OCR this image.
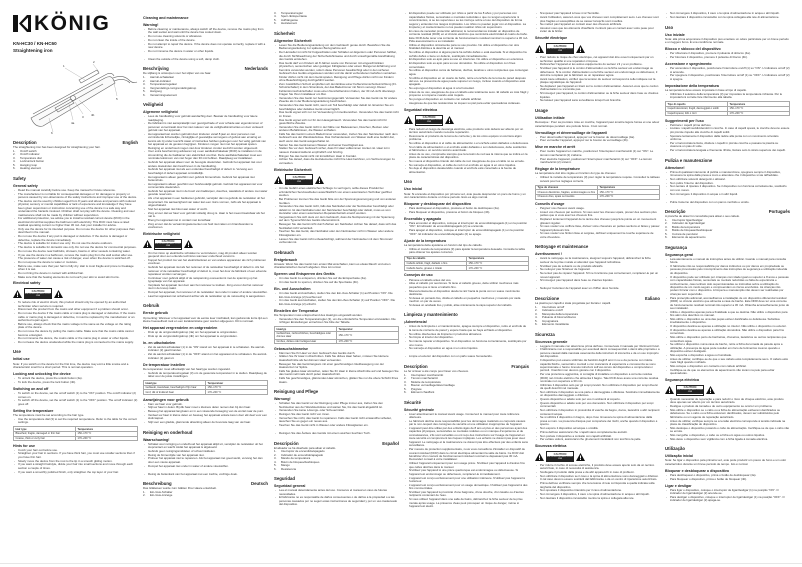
KÖNIG
KN-HC30 / KN-HC60
Straightening iron
1
2
3
4a
4b
5
6
Description	English
The straightening iron has been designed for straightening your hair.
1.	On/off switch
2.	On/off indicator
3.	Temperature dial
4.	Lock/unlock button
5.	Hanging loop
6.	Heating element
Safety
General safety
- Read the manual carefully before use. Keep the manual for future reference.
- The manufacturer is not liable for consequential damages or for damages to property or persons caused by non-observance of the safety instructions and improper use of the device.
- The device can be used by children aged from 8 years and above and persons with reduced physical, sensory or mental capabilities or lack of experience and knowledge if they have been given supervision or instruction concerning use of the device in a safe way and understand the hazards involved. Children shall not play with the device. Cleaning and user maintenance shall not be made by children without supervision.
- For additional protection, we advise you to install a residual current device (RCD) in the electrical circuit that supplies the bathroom with electricity. This RCD must have a rated residual operating current no higher than 30 mA. Ask your installer for advice.
- Only use the device for its intended purpose. Do not use the device for other purposes than described in the manual.
- Do not use the device if any part is damaged or defective. If the device is damaged or defective, replace the device immediately.
- The device is suitable for indoor use only. Do not use the device outdoors.
- The device is suitable for domestic use only. Do not use the device for commercial purposes.
- Do not use the device near bathtubs, showers, basins or other vessels containing water.
- If you use the device in a bathroom, remove the mains plug from the wall socket after use. The presence of water can cause a risk of danger, even when the device is switched off.
- Do not expose the device to water or moisture.
- Before use, make sure that your hair is fully dry. Hair is most fragile and prone to breakage when it is wet.
- Do not bring the device in contact with artificial hair.
- Make sure that the heating elements do not touch your skin to avoid skin burns.
Electrical safety
CAUTION
RISK OF ELECTRIC SHOCK DO NOT OPEN
- To reduce risk of electric shock, this product should only be opened by an authorized technician when service is required.
- Disconnect the product from the mains and other equipment if a problem should occur.
- Do not use the device if the mains cable or mains plug is damaged or defective. If the mains cable or mains plug is damaged or defective, it must be replaced by the manufacturer or an authorized repair agent.
- Before use, always check that the mains voltage is the same as the voltage on the rating plate of the device.
- Do not move the device by pulling the mains cable. Make sure that the mains cable cannot become entangled.
- Do not immerse the device, the mains cable or the mains plug in water or other liquids.
- Do not leave the device unattended while the mains plug is connected to the mains supply.
Use
Initial use
Note: If you switch on the device for the first time, the device may emit a little smoke and a characteristic smell for a short period. This is normal operation.
Locking and unlocking the device
- To unlock the device, press the unlock button (4a).
- To lock the device, press the lock button (4b).
Switching on and off
- To switch on the device, set the on/off switch (1) to the "ON" position. The on/off indicator (2) comes on.
- To switch off the device, set the on/off switch (1) to the "OFF" position. The on/off indicator (2) goes off.
Setting the temperature
The temperature must be set according to the hair type.
- Use the temperature dial (3) to set the required temperature. Refer to the table for the correct settings.
Hair type	Temperature
Bleached, fragile, damaged or thin hair	150–170 °C
Coarse, thick or curly hair	170–200 °C
Hints for use
- Comb your hair out before use.
- Straighten your hair in sections. If you have thick hair, you must use smaller sections than if you have thin hair.
- Slowly move the device from the root to the tip in a smooth gliding motion.
- If you want a straight hairstyle, divide your hair into small sections and move through each section a couple of times.
- If you want a smoothly polished finish, only straighten the top layer of your hair.
Cleaning and maintenance
Warning!
- Before cleaning or maintenance, always switch off the device, remove the mains plug from the wall socket and wait until the device has cooled down.
- Do not use cleaning solvents or abrasives.
- Do not clean the inside of the device.
- Do not attempt to repair the device. If the device does not operate correctly, replace it with a new device.
- Do not immerse the device in water or other liquids.
- Clean the outside of the device using a soft, damp cloth.
Beschrijving	Nederlands
De stijltang is ontworpen voor het stijlen van uw haar.
1.	Aan/uit-schakelaar
2.	Aan/uit-indicator
3.	Temperatuurregelaar
4.	Vergrendelings-/ontgrendelingsknop
5.	Hangoog
6.	Verwarmingselement
Veiligheid
Algemene veiligheid
- Lees de handleiding voor gebruik aandachtig door. Bewaar de handleiding voor latere raadpleging.
- De fabrikant is niet aansprakelijk voor gevolgschade of voor schade aan eigendommen of personen veroorzaakt door het niet naleven van de veiligheidsinstructies en door verkeerd gebruik van het apparaat.
- Het apparaat kan worden gebruikt door kinderen vanaf 8 jaar en door personen met verminderde lichamelijke, zintuiglijke of geestelijke vermogens of gebrek aan ervaring en kennis als zij onder toezicht staan of instructies hebben gekregen over het veilig gebruik van het apparaat en de gevaren begrijpen. Kinderen mogen niet met het apparaat spelen. Reiniging en onderhoud mogen niet door kinderen zonder toezicht worden uitgevoerd.
- Voor extra bescherming adviseren wij u een aardlekschakelaar (RCD) te installeren in de stroomkring die de badkamer van elektriciteit voorziet. Deze aardlekschakelaar moet een nominale lekstroom van niet hoger dan 30 mA hebben. Raadpleeg uw installateur.
- Gebruik het apparaat alleen voor de beoogde doeleinden. Gebruik het apparaat niet voor andere doeleinden dan beschreven in de handleiding.
- Gebruik het apparaat niet als een onderdeel beschadigd of defect is. Vervang een beschadigd of defect apparaat onmiddellijk.
- Het apparaat is alleen geschikt voor gebruik binnenshuis. Gebruik het apparaat niet buitenshuis.
- Het apparaat is alleen geschikt voor huishoudelijk gebruik. Gebruik het apparaat niet voor commerciële doeleinden.
- Gebruik het apparaat niet in de buurt van badkuipen, douches, wastafels of andere met water gevulde reservoirs.
- Als u het apparaat in een badkamer gebruikt, verwijder dan na gebruik de netstekker uit het stopcontact. De aanwezigheid van water kan een risico vormen, zelfs als het apparaat is uitgeschakeld.
- Stel het apparaat niet bloot aan water of vocht.
- Zorg ervoor dat uw haar voor gebruik volledig droog is. Haar is het meest kwetsbaar als het nat is.
- Breng het apparaat niet in contact met kunsthaar.
- Zorg ervoor dat de verwarmingselementen uw huid niet raken om brandwonden te voorkomen.
Elektrische veiligheid
CAUTION
RISK OF ELECTRIC SHOCK DO NOT OPEN
- Om het risico op elektrische schokken te verminderen, mag dit product alleen worden geopend door een erkende technicus wanneer onderhoud vereist is.
- Koppel het product los van het elektriciteitsnet en van andere apparatuur als zich problemen voordoen.
- Gebruik het apparaat niet als het netsnoer of de netstekker beschadigd of defect is. Als het netsnoer of de netstekker beschadigd of defect is, moet het door de fabrikant of een erkende reparateur worden vervangen.
- Controleer voor gebruik altijd of de netspanning overeenkomt met de spanning op het typeplaatje van het apparaat.
- Verplaats het apparaat niet door aan het netsnoer te trekken. Zorg ervoor dat het netsnoer niet in de knoop raakt.
- Dompel het apparaat, het netsnoer of de netstekker niet onder in water of andere vloeistoffen.
- Laat het apparaat niet onbeheerd achter als de netstekker op de netvoeding is aangesloten.
Gebruik
Eerste gebruik
Opmerking: Wanneer u het apparaat voor de eerste keer inschakelt, kan gedurende korte tijd een kleine hoeveelheid rook en een karakteristieke geur worden afgegeven. Dit is normaal.
Het apparaat vergrendelen en ontgrendelen
- Druk op de ontgrendelingsknop (4a) om het apparaat te ontgrendelen.
- Druk op de vergrendelingsknop (4b) om het apparaat te vergrendelen.
In- en uitschakelen
- Zet de aan/uit-schakelaar (1) in de "ON"-stand om het apparaat in te schakelen. De aan/uit-indicator (2) gaat branden.
- Zet de aan/uit-schakelaar (1) in de "OFF"-stand om het apparaat uit te schakelen. De aan/uit-indicator (2) gaat uit.
De temperatuur instellen
De temperatuur moet afhankelijk van het haartype worden ingesteld.
- Gebruik de temperatuurregelaar (3) om de gewenste temperatuur in te stellen. Raadpleeg de tabel voor de juiste instellingen.
Haartype	Temperatuur
Gebleekt, kwetsbaar, beschadigd of fijn haar	150–170 °C
Grof, dik of krullend haar	170–200 °C
Aanwijzingen voor gebruik
- Kam uw haar voor gebruik.
- Stijl uw haar in delen. Bij dik haar moet u kleinere delen nemen dan bij dun haar.
- Beweeg het apparaat langzaam en in een vloeiende beweging van de wortel naar de punt.
- Verdeel uw haar in kleine delen en beweeg het apparaat enkele keren door elk deel voor een sluik kapsel.
- Stijl voor een gladde, glanzende afwerking alleen de bovenste laag van uw haar.
Reiniging en onderhoud
Waarschuwing!
- Schakel voor reiniging en onderhoud het apparaat altijd uit, verwijder de netstekker uit het stopcontact en wacht totdat het apparaat is afgekoeld.
- Gebruik geen reinigingsmiddelen of schuurmiddelen.
- Reinig de binnenzijde van het apparaat niet.
- Probeer het apparaat niet te repareren. Als het apparaat niet goed werkt, vervang het dan door een nieuw apparaat.
- Dompel het apparaat niet onder in water of andere vloeistoffen.
- Reinig de buitenkant van het apparaat met een zachte, vochtige doek.
Beschreibung	Deutsch
Das Glätteisen wurde zum Glätten Ihrer Haare entwickelt.
1.	Ein-/Aus-Schalter
2.	Ein-/Aus-Anzeige
3.	Temperaturregler
4.	Sperr-/Entsperrtaste
5.	Aufhängeöse
6.	Heizelement
Sicherheit
Allgemeine Sicherheit
- Lesen Sie die Bedienungsanleitung vor dem Gebrauch genau durch. Bewahren Sie die Bedienungsanleitung zur späteren Bezugnahme auf.
- Der Hersteller ist nicht für Folgeschäden oder Schäden an Eigentum oder Personen haftbar, die durch Nichtbeachtung der Sicherheitshinweise und durch unsachgemäße Handhabung des Geräts entstehen.
- Das Gerät darf von Kindern ab 8 Jahren sowie von Personen mit eingeschränkten physischen, sensorischen oder geistigen Fähigkeiten oder einem Mangel an Erfahrung und Kenntnis verwendet werden, sofern diese Personen beaufsichtigt oder in den sicheren Gebrauch des Geräts eingewiesen wurden und die damit verbundenen Gefahren verstehen. Kinder dürfen nicht mit dem Gerät spielen. Reinigung und Pflege dürfen nicht von Kindern ohne Beaufsichtigung durchgeführt werden.
- Zum zusätzlichen Schutz empfehlen wir den Einbau einer Fehlerstromschutzeinrichtung (FI-Schutzschalter) in dem Stromkreis, der das Badezimmer mit Strom versorgt. Dieser Fehlerstromschutzschalter muss einen Nennfehlerstrom haben, der 30 mA nicht übersteigt. Fragen Sie Ihren Installateur um Rat.
- Verwenden Sie das Gerät nur bestimmungsgemäß. Verwenden Sie das Gerät nie für andere Zwecke als in der Bedienungsanleitung beschrieben.
- Verwenden Sie das Gerät nicht, wenn ein Teil beschädigt oder defekt ist. Ersetzen Sie ein beschädigtes oder defektes Gerät unverzüglich.
- Das Gerät eignet sich nur zur Verwendung in Innenbereichen. Verwenden Sie das Gerät nicht im Freien.
- Das Gerät eignet sich nur für den Hausgebrauch. Verwenden Sie das Gerät nicht für gewerbliche Zwecke.
- Verwenden Sie das Gerät nicht in der Nähe von Badewannen, Duschen, Becken oder anderen Behältnissen, die Wasser enthalten.
- Falls Sie das Gerät in einem Badezimmer verwenden, ziehen Sie den Netzstecker nach dem Gebrauch aus der Wandsteckdose. Das Vorhandensein von Wasser stellt eine Gefahr dar, auch wenn das Gerät ausgeschaltet ist.
- Setzen Sie das Gerät keinem Wasser und keiner Feuchtigkeit aus.
- Stellen Sie vor dem Gebrauch sicher, dass Ihr Haar vollkommen trocken ist. Haar ist in nassem Zustand äußerst empfindlich und brüchig.
- Bringen Sie das Gerät nicht mit künstlichem Haar in Kontakt.
- Achten Sie darauf, dass die Heizelemente nicht Ihre Haut berühren, um Verbrennungen zu vermeiden.
Elektrische Sicherheit
CAUTION
RISK OF ELECTRIC SHOCK DO NOT OPEN
- Um die Gefahr eines elektrischen Schlags zu verringern, sollte dieses Produkt bei erforderlichen Servicearbeiten ausschließlich von einem autorisierten Techniker geöffnet werden.
- Bei Problemen trennen Sie das Gerät bitte von der Spannungsversorgung und von anderen Geräten.
- Verwenden Sie das Gerät nicht, falls das Netzkabel oder der Netzstecker beschädigt oder defekt ist. Ist das Netzkabel oder der Netzstecker beschädigt oder defekt, muss es vom Hersteller oder einem autorisierten Reparaturbetrieb ersetzt werden.
- Vergewissern Sie sich stets vor dem Gebrauch, dass die Netzspannung mit der Spannung auf dem Typenschild des Geräts übereinstimmt.
- Bewegen Sie das Gerät nicht durch Ziehen am Netzkabel. Achten Sie darauf, dass sich das Netzkabel nicht verwickelt.
- Tauchen Sie das Gerät, das Netzkabel oder den Netzstecker nicht in Wasser oder andere Flüssigkeiten ein.
- Lassen Sie das Gerät nicht unbeaufsichtigt, während der Netzstecker mit dem Stromnetz verbunden ist.
Gebrauch
Erstgebrauch
Hinweis: Wenn Sie das Gerät zum ersten Mal einschalten, kann es etwas Rauch und einen charakteristischen Geruch abgeben. Dies ist normal.
Sperren und Entsperren des Geräts
- Um das Gerät zu entsperren, drücken Sie auf die Entsperrtaste (4a).
- Um das Gerät zu sperren, drücken Sie auf die Sperrtaste (4b).
Ein- und Ausschalten
- Um das Gerät einzuschalten, stellen Sie den Ein-/Aus-Schalter (1) auf Position "ON". Die Ein-/Aus-Anzeige (2) leuchtet auf.
- Um das Gerät auszuschalten, stellen Sie den Ein-/Aus-Schalter (1) auf Position "OFF". Die Ein-/Aus-Anzeige (2) erlischt.
Einstellen der Temperatur
Die Temperatur muss entsprechend des Haartyps eingestellt werden.
- Verwenden Sie den Temperaturregler (3), um die erforderliche Temperatur einzustellen. Die richtigen Einstellungen entnehmen Sie bitte der Tabelle.
Haartyp	Temperatur
Gebleichtes, zerbrechliches, beschädigtes oder dünnes Haar	150–170 °C
Grobes, dickes oder lockiges Haar	170–200 °C
Gebrauchshinweise
- Kämmen Sie Ihr Haar vor dem Gebrauch des Geräts durch.
- Glätten Sie Ihr Haar in Abschnitten. Falls Sie dickes Haar haben, müssen Sie kleinere Haarabschnitte als bei dünnem Haar verwenden.
- Bewegen Sie das Gerät langsam mit einer geschmeidigen Gleitbewegung von der Haarwurzel zur Spitze.
- Falls Sie glattes Haar wünschen, teilen Sie Ihr Haar in kleine Abschnitte auf und bewegen Sie das Gerät mehrmals durch jeden Haarabschnitt.
- Falls Sie geschmeidiges, glänzendes Haar wünschen, glätten Sie nur die obere Schicht Ihres Haars.
Reinigung und Pflege
Warnung!
- Schalten Sie das Gerät vor der Reinigung oder Pflege immer aus, ziehen Sie den Netzstecker aus der Wandsteckdose und warten Sie, bis das Gerät abgekühlt ist.
- Verwenden Sie keine Lösungs- oder Scheuermittel.
- Reinigen Sie das Gerät nicht von innen.
- Versuchen Sie nicht, das Gerät zu reparieren. Falls das Gerät nicht einwandfrei arbeitet, tauschen Sie es gegen ein neues aus.
- Tauchen Sie das Gerät nicht in Wasser oder andere Flüssigkeiten ein.
- Reinigen Sie das Äußere des Geräts mit einem weichen feuchten Tuch.
Descripción	Español
El alisador se ha diseñado para alisar el cabello.
1.	Interruptor de encendido/apagado
2.	Indicador de encendido/apagado
3.	Mando de temperatura
4.	Botón de bloqueo/desbloqueo
5.	Mango
6.	Resistencia
Seguridad
Seguridad general
- Lea el manual detenidamente antes del uso. Conserve el manual en caso de futuras necesidades.
- El fabricante no es responsable de daños consecuentes o de daños a la propiedad o a las personas causados por no seguir estas instrucciones de seguridad y por un uso inadecuado del dispositivo.
- El dispositivo puede ser utilizado por niños a partir de los 8 años y por personas con capacidades físicas, sensoriales o mentales reducidas o que no tengan experiencia ni conocimientos, si se les supervisa o se les instruye sobre el uso del dispositivo de forma segura y entienden los riesgos implicados. Los niños no pueden jugar con el dispositivo. La limpieza y el mantenimiento no los pueden realizar niños sin supervisión.
- En caso de necesitar protección adicional, le recomendamos instalar un dispositivo de corriente residual (DCR) en el circuito eléctrico que suministra electricidad al cuarto de baño. Este DCR debe tener una corriente de funcionamiento residual nominal no superior a 30 mA. Pida asesoramiento a su instalador.
- Utilice el dispositivo únicamente para su uso previsto. No utilice el dispositivo con otra finalidad distinta a la descrita en el manual.
- No utilice el dispositivo si alguna pieza ha sufrido daños o está averiada. Si el dispositivo ha sufrido daños o tiene un defecto, sustitúyalo inmediatamente.
- El dispositivo solo es apto para su uso en interiores. No utilice el dispositivo en exteriores.
- El dispositivo solo es apto para su uso doméstico. No utilice el dispositivo con fines comerciales.
- No utilice el dispositivo cerca de bañeras, duchas, lavabos u otros recipientes que contengan agua.
- Si utiliza el dispositivo en un cuarto de baño, retire el enchufe de la toma de pared después del uso. La presencia de agua puede suponer un riesgo, incluso cuando el dispositivo está apagado.
- No exponga el dispositivo al agua ni a la humedad.
- Antes de su uso, asegúrese de que el cabello esté totalmente seco. El cabello es más frágil y propenso a romperse cuando está mojado.
- No ponga el dispositivo en contacto con cabello artificial.
- Asegúrese de que las resistencias no toquen su piel para evitar quemaduras cutáneas.
Seguridad eléctrica
CAUTION
RISK OF ELECTRIC SHOCK DO NOT OPEN
- Para reducir el riesgo de descarga eléctrica, este producto sólo deberá ser abierto por un técnico autorizado cuando necesite reparación.
- Desconecte el producto de la toma de corriente y de los otros equipos si ocurriera algún problema.
- No utilice el dispositivo si el cable de alimentación o el enchufe están dañados o defectuosos. Si el cable de alimentación o el enchufe están dañados o son defectuosos, debe sustituirlos el fabricante o un servicio técnico autorizado.
- Antes de su uso, compruebe siempre que la tensión de red sea la misma que se indica en la placa de características del dispositivo.
- No mueva el dispositivo tirando del cable de red. Asegúrese de que el cable no se enrede.
- No sumerja el dispositivo, el cable de red ni el enchufe en agua ni en otros líquidos.
- No deje el dispositivo desatendido cuando el enchufe esté conectado a la fuente de alimentación.
Uso
Uso inicial
Nota: Si enciende el dispositivo por primera vez, éste puede desprender un poco de humo y un olor característico durante un breve periodo. Esto es algo normal.
Bloquear y desbloquear del dispositivo
- Para desbloquear el dispositivo, presione el botón de desbloqueo (4a).
- Para bloquear el dispositivo, presione el botón de bloqueo (4b).
Encendido y apagado
- Para encender el dispositivo, coloque el interruptor de encendido/apagado (1) en la posición "ON". El indicador de encendido/apagado (2) se enciende.
- Para apagar el dispositivo, coloque el interruptor de encendido/apagado (1) en la posición "OFF". El indicador de encendido/apagado (2) se apaga.
Ajuste de la temperatura
La temperatura debe ajustarse en función del tipo de cabello.
- Utilice el mando de temperatura (3) para ajustar la temperatura deseada. Consulte la tabla para obtener los ajustes correctos.
Tipo de cabello	Temperatura
Cabello teñido, frágil, dañado o fino	150–170 °C
Cabello fuerte, grueso o rizado	170–200 °C
Consejos de uso
- Péinese el cabello antes del uso.
- Alise el cabello por secciones. Si tiene el cabello grueso, debe utilizar mechones más pequeños que si tiene el cabello fino.
- Mueva lentamente el dispositivo desde la raíz hacia la punta con un suave movimiento deslizante.
- Si desea un peinado liso, divida el cabello en pequeños mechones y muévalo por cada mechón un par de veces.
- Si desea un acabado liso y pulido, alise únicamente la capa superior del cabello.
Limpieza y mantenimiento
¡Advertencia!
- Antes de la limpieza o el mantenimiento, apague siempre el dispositivo, retire el enchufe de la toma de corriente de pared y espere hasta que se haya enfriado el dispositivo.
- No utilice disolventes de limpieza ni productos abrasivos.
- No limpie el interior del dispositivo.
- No intente reparar el dispositivo. Si el dispositivo no funciona correctamente, sustitúyalo por uno nuevo.
- No sumerja el dispositivo en agua ni en otros líquidos.
- Limpie el exterior del dispositivo con un paño suave humedecido.
Description	Français
Le fer à lisser a été conçu pour lisser vos cheveux.
1.	Interrupteur marche/arrêt
2.	Témoin marche/arrêt
3.	Molette de température
4.	Bouton verrouillage/déverrouillage
5.	Poignée
6.	Élément chauffant
Sécurité
Sécurité générale
- Lisez attentivement le manuel avant usage. Conservez le manuel pour toute référence ultérieure.
- Le fabricant décline toute responsabilité pour les dommages matériels ou corporels causés par le non-respect des consignes de sécurité et une utilisation inappropriée de l'appareil.
- L'appareil peut être utilisé par des enfants âgés de 8 ans et plus et des personnes ayant des capacités physiques, sensorielles ou mentales réduites ou un manque d'expérience et de connaissances, s'ils sont surveillés ou ont reçu des instructions sur l'usage de l'appareil en toute sécurité et comprennent les risques impliqués. Les enfants ne doivent pas jouer avec l'appareil. Le nettoyage et la maintenance ne doivent pas être effectués par des enfants sans surveillance.
- Par mesure de protection supplémentaire, nous vous conseillons d'installer un dispositif de courant résiduel (DCR) dans le circuit électrique alimentant la salle de bains. Ce DCR doit bénéficier d'un courant de fonctionnement résiduel nominal ne dépassant pas 30 mA. Demandez conseil à votre installateur.
- Utilisez l'appareil uniquement pour son usage prévu. N'utilisez pas l'appareil à d'autres fins que celles décrites dans le manuel.
- N'utilisez pas l'appareil si une pièce quelconque est endommagée ou défectueuse. Si l'appareil est endommagé ou défectueux, remplacez-le immédiatement.
- L'appareil est conçu exclusivement pour une utilisation intérieure. N'utilisez pas l'appareil à l'extérieur.
- L'appareil est conçu exclusivement pour un usage domestique. N'utilisez pas l'appareil à des fins commerciales.
- N'utilisez pas l'appareil à proximité d'une baignoire, d'une douche, d'un lavabo ou d'autres récipients contenant de l'eau.
- Si vous utilisez l'appareil dans une salle de bains, débranchez la fiche secteur de la prise murale après usage. La présence d'eau peut provoquer un risque de danger, même si l'appareil est éteint.
- N'exposez pas l'appareil à l'eau ni à l'humidité.
- Avant l'utilisation, assurez-vous que vos cheveux sont complètement secs. Les cheveux sont plus fragiles et susceptibles de se casser lorsqu'ils sont mouillés.
- Ne mettez pas l'appareil en contact avec des cheveux artificiels.
- Assurez-vous que les éléments chauffants n'entrent pas en contact avec votre peau pour éviter de la brûler.
Sécurité électrique
CAUTION
RISK OF ELECTRIC SHOCK DO NOT OPEN
- Pour réduire le risque de choc électrique, cet appareil doit être ouvert uniquement par un technicien qualifié si une réparation s'impose.
- Débranchez l'appareil et les autres équipements du secteur s'il y a un problème.
- N'utilisez pas l'appareil si le cordon d'alimentation ou la fiche secteur est endommagé ou défectueux. Si le cordon d'alimentation ou la fiche secteur est endommagé ou défectueux, il doit être remplacé par le fabricant ou un réparateur agréé.
- Avant toute utilisation, vérifiez que la tension du secteur correspond à celle indiquée sur la plaque signalétique de l'appareil.
- Ne déplacez pas l'appareil en tirant sur le cordon d'alimentation. Assurez-vous que le cordon d'alimentation ne s'emmêle pas.
- N'immergez pas l'appareil, le cordon d'alimentation ou la fiche secteur dans l'eau ou d'autres liquides.
- Ne laissez pas l'appareil sans surveillance lorsqu'il est branché.
Usage
Utilisation initiale
Remarque : Pour sa première mise en marche, l'appareil peut émettre légère fumée et une odeur caractéristique pendant une période brève. C'est normal.
Verrouillage et déverrouillage de l'appareil
- Pour déverrouiller l'appareil, appuyez sur le bouton de déverrouillage (4a).
- Pour verrouiller l'appareil, appuyez sur le bouton de verrouillage (4b).
Mise en marche et arrêt
- Pour mettre l'appareil en marche, positionnez l'interrupteur marche/arrêt (1) sur "ON". Le témoin marche/arrêt (2) s'allume.
- Pour éteindre l'appareil, positionnez l'interrupteur marche/arrêt (1) sur "OFF". Le témoin marche/arrêt (2) s'éteint.
Réglage de la température
La température doit être réglée en fonction du type de cheveux.
- Utilisez la molette de température (3) pour régler la température requise. Consultez le tableau suivant pour les réglages corrects.
Type de cheveux	Température
Cheveux décolorés, fragiles, endommagés ou fins	150–170 °C
Cheveux drus, épais ou bouclés	170–200 °C
Conseils d'usage
- Peignez vos cheveux avant usage.
- Lissez vos cheveux par sections. Si vous avez les cheveux épais, prenez des sections plus petites que si vous avez les cheveux fins.
- Déplacez lentement l'appareil de la racine des cheveux jusqu'à la pointe en un mouvement glissant régulier.
- Si vous voulez une coiffure lisse, divisez votre chevelure en petites sections et faites-y passer l'appareil plusieurs fois.
- Si vous voulez une finition lisse et soignée, défrisez uniquement la couche supérieure de votre chevelure.
Nettoyage et maintenance
Avertissement !
- Avant le nettoyage ou la maintenance, éteignez toujours l'appareil, débranchez la fiche secteur de la prise murale et attendez que l'appareil refroidisse.
- N'utilisez pas de solvants ou de produits abrasifs.
- Ne nettoyez pas l'intérieur de l'appareil.
- Ne tentez pas de réparer l'appareil. S'il ne fonctionne pas correctement, remplacez-le par un nouvel appareil.
- N'immergez pas l'appareil dans l'eau ou d'autres liquides.
- Nettoyez l'extérieur de l'appareil avec un chiffon doux humide.
Descrizione	Italiano
La piastra per capelli è stata progettata per lisciare i capelli.
1.	Interruttore on/off
2.	Indicatore on/off
3.	Manopola della temperatura
4.	Pulsante di blocco/sblocco
5.	Impugnatura
6.	Elemento riscaldante
Sicurezza
Sicurezza generale
- Leggere il manuale con attenzione prima dell'uso. Conservare il manuale per riferimenti futuri.
- Il fabbricante non è responsabile per eventuali danni consequenziali o danni alla proprietà o a persone causati dalla mancata osservanza delle istruzioni di sicurezza e da un uso improprio del dispositivo.
- Il dispositivo può essere utilizzato da bambini dagli 8 anni in su e da persone con ridotte capacità fisiche, sensoriali o mentali o con mancanza di esperienza e conoscenza se sono supervisionate o hanno ricevuto istruzioni sull'uso sicuro del dispositivo e comprendono i pericoli. I bambini non devono giocare con il dispositivo.
- Per una protezione aggiuntiva, si consiglia di installare un dispositivo a corrente residua (RCD) nel circuito elettrico che alimenta il bagno. Tale RCD deve avere una corrente residua nominale non superiore a 30 mA.
- Utilizzare il dispositivo solo per gli scopi previsti. Non utilizzare il dispositivo per scopi diversi da quelli descritti nel manuale.
- Non utilizzare il dispositivo se una parte è danneggiata o difettosa. Sostituire immediatamente un dispositivo danneggiato o difettoso.
- Questo dispositivo è adatto solo per uso in ambienti al coperto.
- Questo dispositivo è adatto solo per uso domestico. Non utilizzare il dispositivo per scopi commerciali.
- Non utilizzare il dispositivo in prossimità di vasche da bagno, docce, lavandini o altri recipienti contenenti acqua.
- Se si utilizza il dispositivo in bagno, dopo l'uso rimuovere la spina di alimentazione dalla presa a muro. La presenza d'acqua può comportare dei rischi, anche quando il dispositivo è spento.
- Non esporre il dispositivo ad acqua o umidità.
- Prima dell'uso assicurarsi che i capelli siano completamente asciutti.
- Non portare il dispositivo a contatto con capelli artificiali.
- Per evitare ustioni, assicurarsi che gli elementi riscaldanti non tocchino la pelle.
Sicurezza elettrica
CAUTION
RISK OF ELECTRIC SHOCK DO NOT OPEN
- Per ridurre il rischio di scosse elettriche, il prodotto deve essere aperto solo da un tecnico autorizzato, in caso di necessità di assistenza.
- Scollegare il prodotto dalla presa e da altri apparecchi in caso di problemi.
- Non utilizzare il dispositivo se il cavo o la spina di alimentazione sono danneggiati o difettosi. In tal caso devono essere sostituiti dal fabbricante o da un centro di riparazione autorizzato.
- Prima dell'uso verificare sempre che la tensione di rete corrisponda a quella indicata sulla targhetta del dispositivo.
- Non spostare il dispositivo tirandolo per il cavo di alimentazione.
- Non immergere il dispositivo, il cavo o la spina di alimentazione in acqua o altri liquidi.
- Non lasciare il dispositivo incustodito mentre la spina è collegata alla rete.
- Non immergere il dispositivo, il cavo o la spina di alimentazione in acqua o altri liquidi.
- Non lasciare il dispositivo incustodito con la spina collegata alla rete di alimentazione.
Uso
Uso iniziale
Nota: alla prima accensione il dispositivo può emettere un odore particolare per un breve periodo e un leggero fumo. È una condizione normale.
Blocco e sblocco del dispositivo
- Per sbloccare il dispositivo, premere il pulsante di sblocco (4a).
- Per bloccare il dispositivo, premere il pulsante di blocco (4b).
Accensione e spegnimento
- Per accendere il dispositivo, posizionare l'interruttore on/off (1) su "ON". L'indicatore on/off (2) si accende.
- Per spegnere il dispositivo, posizionare l'interruttore on/off (1) su "OFF". L'indicatore on/off (2) si spegne.
Impostazione della temperatura
La temperatura deve essere impostata in base al tipo di capello.
- Utilizzare il selettore della temperatura (3) per impostare la temperatura richiesta. Per le impostazioni corrette fare riferimento alla tabella.
Tipo di capello	Temperatura
Capelli decolorati, fragili, danneggiati o sottili	150–170 °C
Capelli spessi, folti o ricci	170–200 °C
Suggerimenti per l'uso
- Pettinare i capelli prima dell'uso.
- Lisciare i capelli suddividendoli in ciocche. In caso di capelli spessi, le ciocche devono essere più piccole rispetto alle ciocche di capelli sottili.
- Spostare lentamente il dispositivo dalla radice alla punta con un movimento scivolato uniforme.
- Per un'acconciatura liscia, dividere i capelli in piccole ciocche e passare la piastra su ciascuna un paio di volte.
- Per un'acconciatura levigata e finemente rifinita, lisciare solo lo strato superiore dei capelli.
Pulizia e manutenzione
Attenzione!
- Prima di qualsiasi intervento di pulizia o manutenzione, spegnere sempre il dispositivo, rimuovere la spina dalla presa a muro e attendere che il dispositivo si sia raffreddato.
- Non utilizzare solventi detergenti o abrasivi.
- Non pulire l'interno del dispositivo.
- Non tentare di riparare il dispositivo. Se il dispositivo non funziona correttamente, sostituirlo con uno nuovo.
- Non immergere il dispositivo in acqua o in altri liquidi.
- Pulire l'esterno del dispositivo con un panno morbido e umido.
Descrição	Português
A prancha de alisar foi concebida para alisar o seu cabelo.
1.	Interruptor ligar/desligar
2.	Indicador de ligar/desligar
3.	Botão da temperatura
4.	Botão de bloquear/desbloquear
5.	Correia de pendurar
6.	Elemento de aquecimento
Segurança
Segurança geral
- Leia atentamente o manual de instruções antes de utilizar. Guarde o manual para consulta futura.
- O fabricante não se responsabiliza por danos indirectos ou por danos em propriedade ou pessoas provocados pelo incumprimento das instruções de segurança e utilização indevida do dispositivo.
- O dispositivo pode ser utilizado por crianças com idade igual ou superior a 8 anos e pessoas com capacidades físicas, sensoriais ou mentais reduzidas ou falta de experiência e conhecimento, caso tenham sido supervisionadas ou instruídas sobre a utilização do dispositivo de um modo seguro e compreendam os riscos envolvidos. As crianças não podem brincar com o dispositivo. A limpeza e manutenção não devem ser realizadas por crianças sem supervisão.
- Para protecção adicional, aconselhamos a instalação de um dispositivo diferencial residual (DDR) no circuito eléctrico que alimenta a casa de banho. Este DDR deve ter uma corrente de funcionamento residual nominal não superior a 30 mA. Obtenha aconselhamento junto do seu instalador.
- Utilize o dispositivo apenas para a finalidade a que se destina. Não utilize o dispositivo para fins além dos descritos no manual.
- Não utilize o dispositivo se uma das peças estiver danificada ou defeituosa. Substitua imediatamente o dispositivo.
- O dispositivo destina-se apenas a utilização no interior. Não utilize o dispositivo no exterior.
- O dispositivo destina-se apenas a utilização doméstica. Não utilize o dispositivo para fins comerciais.
- Não utilize o dispositivo perto de banheiras, chuveiros, lavatórios ou outros recipientes que contenham água.
- Se utilizar o dispositivo numa casa de banho, retire a ficha da tomada de parede após a utilização. A presença de água pode resultar em risco de ferimentos mesmo quando o dispositivo estiver desligado.
- Não exponha o dispositivo a água ou humidade.
- Antes de utilizar, certifique-se de que o seu cabelo está completamente seco. O cabelo está mais frágil quando molhado.
- Não coloque o dispositivo em contacto com cabelo artificial.
- Certifique-se de que os elementos de aquecimento não tocam na pele para evitar queimaduras.
Segurança eléctrica
CAUTION
RISK OF ELECTRIC SHOCK DO NOT OPEN
- Quando necessitar de reparação e para reduzir o risco de choque eléctrico, este produto deve apenas ser aberto por um técnico autorizado.
- Desligue o produto da tomada e de outro equipamento se ocorrer um problema.
- Não utilize o dispositivo se o cabo ou a ficha de alimentação estiverem danificados ou defeituosos. Se o cabo ou a ficha estiverem danificados, devem ser substituídos pelo fabricante ou um agente de reparação autorizado.
- Antes de utilizar, verifique sempre se a tensão eléctrica corresponde à tensão indicada na placa de classificação do dispositivo.
- Não desloque o dispositivo puxando o cabo de alimentação. Certifique-se de que o cabo não se enrola.
- Não mergulhe o dispositivo, o cabo ou a ficha em água ou outros líquidos.
- Não deixe o dispositivo sem vigilância com a ficha ligada à tomada eléctrica.
Utilização
Utilização inicial
Nota: Se ligar o dispositivo pela primeira vez, este pode produzir um pouco de fumo e um odor característico durante um breve período de tempo. Isto é normal.
Bloquear e desbloquear o dispositivo
- Para desbloquear o dispositivo, prima o botão de desbloquear (4a).
- Para bloquear o dispositivo, prima o botão de bloquear (4b).
Ligar e desligar
- Para ligar o dispositivo, coloque o interruptor de ligar/desligar (1) na posição "ON". O indicador de ligar/desligar (2) acende-se.
- Para desligar o dispositivo, coloque o interruptor de ligar/desligar (1) na posição "OFF". O indicador de ligar/desligar (2) apaga-se.
